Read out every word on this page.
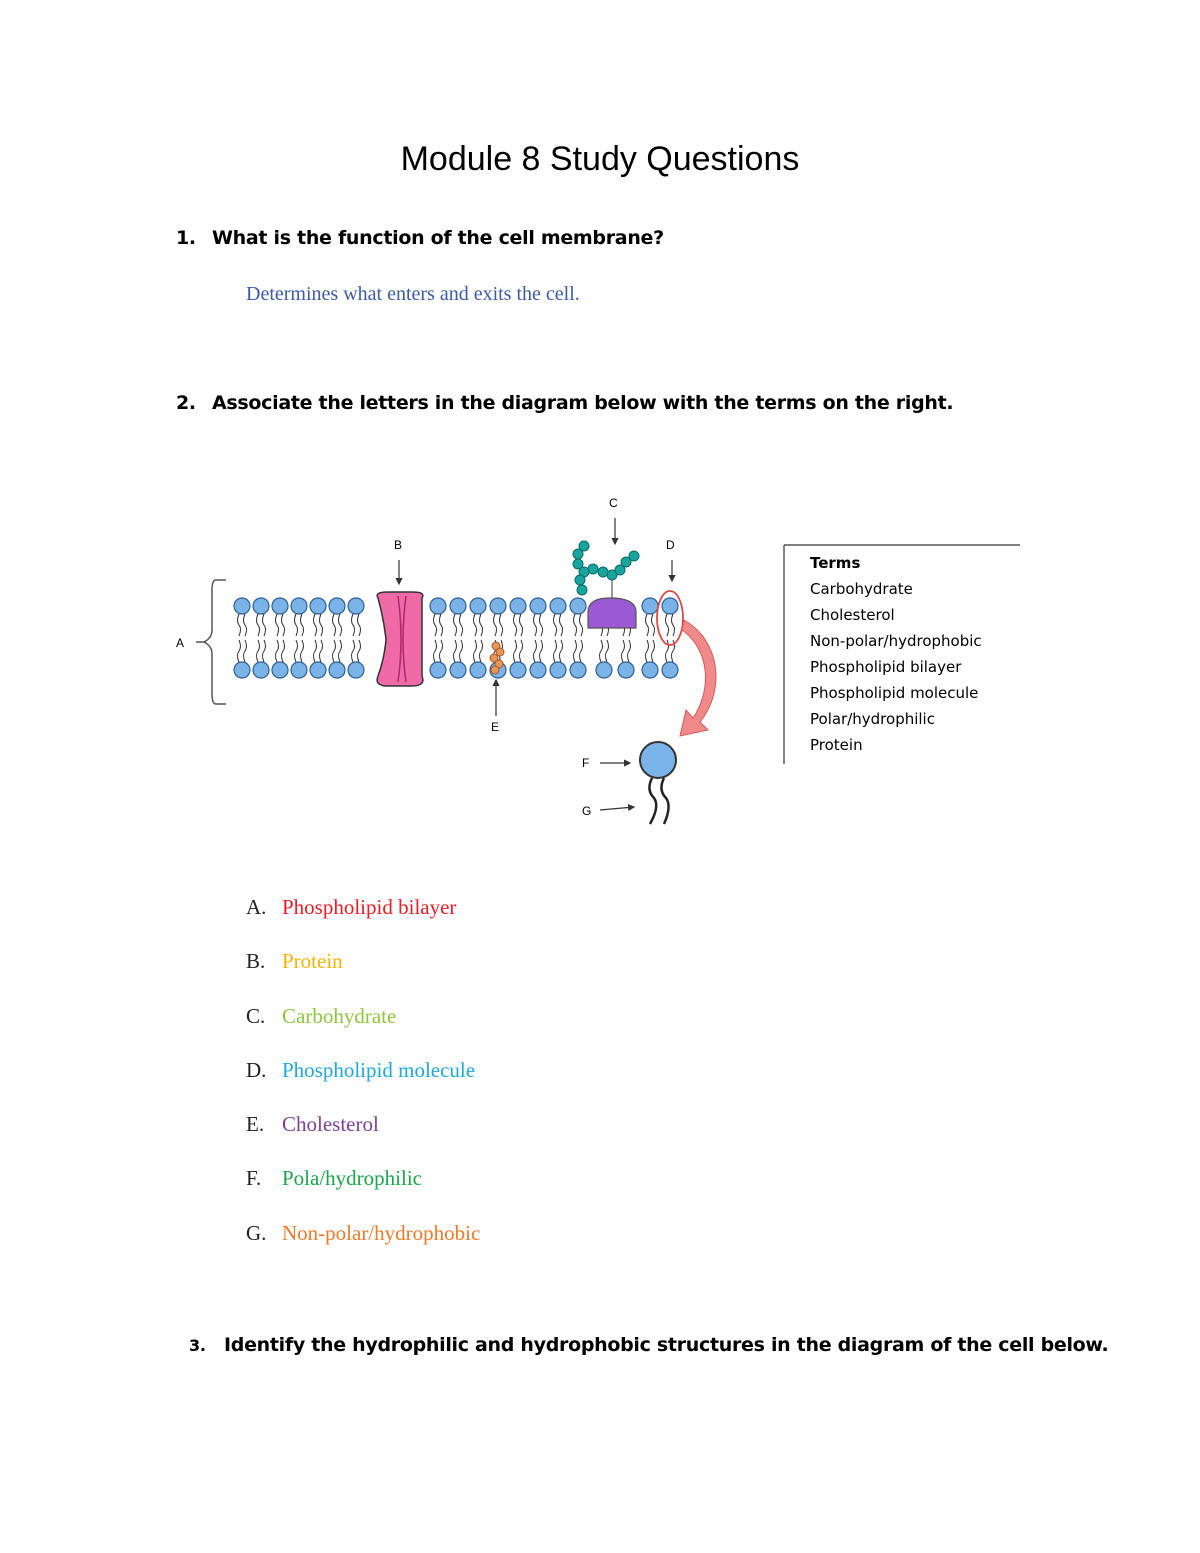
Module 8 Study Questions
1. What is the function of the cell membrane?
Determines what enters and exits the cell.
2. Associate the letters in the diagram below with the terms on the right.
A
B
C
D
E
F
G
Terms
Carbohydrate
Cholesterol
Non-polar/hydrophobic
Phospholipid bilayer
Phospholipid molecule
Polar/hydrophilic
Protein
A. Phospholipid bilayer
B. Protein
C. Carbohydrate
D. Phospholipid molecule
E. Cholesterol
F. Pola/hydrophilic
G. Non-polar/hydrophobic
3. Identify the hydrophilic and hydrophobic structures in the diagram of the cell below.
